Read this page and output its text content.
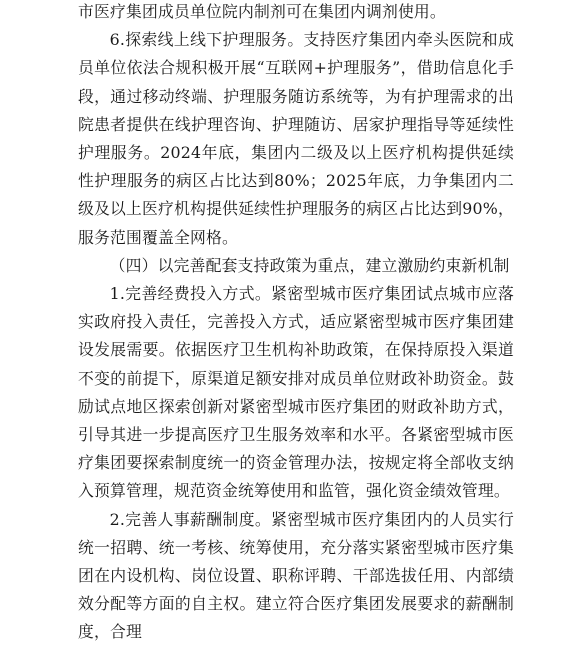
市医疗集团成员单位院内制剂可在集团内调剂使用。

6.探索线上线下护理服务。支持医疗集团内牵头医院和成员单位依法合规积极开展“互联网+护理服务”，借助信息化手段，通过移动终端、护理服务随访系统等，为有护理需求的出院患者提供在线护理咨询、护理随访、居家护理指导等延续性护理服务。2024年底，集团内二级及以上医疗机构提供延续性护理服务的病区占比达到80%；2025年底，力争集团内二级及以上医疗机构提供延续性护理服务的病区占比达到90%，服务范围覆盖全网格。

（四）以完善配套支持政策为重点，建立激励约束新机制

1.完善经费投入方式。紧密型城市医疗集团试点城市应落实政府投入责任，完善投入方式，适应紧密型城市医疗集团建设发展需要。依据医疗卫生机构补助政策，在保持原投入渠道不变的前提下，原渠道足额安排对成员单位财政补助资金。鼓励试点地区探索创新对紧密型城市医疗集团的财政补助方式，引导其进一步提高医疗卫生服务效率和水平。各紧密型城市医疗集团要探索制度统一的资金管理办法，按规定将全部收支纳入预算管理，规范资金统筹使用和监管，强化资金绩效管理。

2.完善人事薪酬制度。紧密型城市医疗集团内的人员实行统一招聘、统一考核、统筹使用，充分落实紧密型城市医疗集团在内设机构、岗位设置、职称评聘、干部选拔任用、内部绩效分配等方面的自主权。建立符合医疗集团发展要求的薪酬制度，合理
